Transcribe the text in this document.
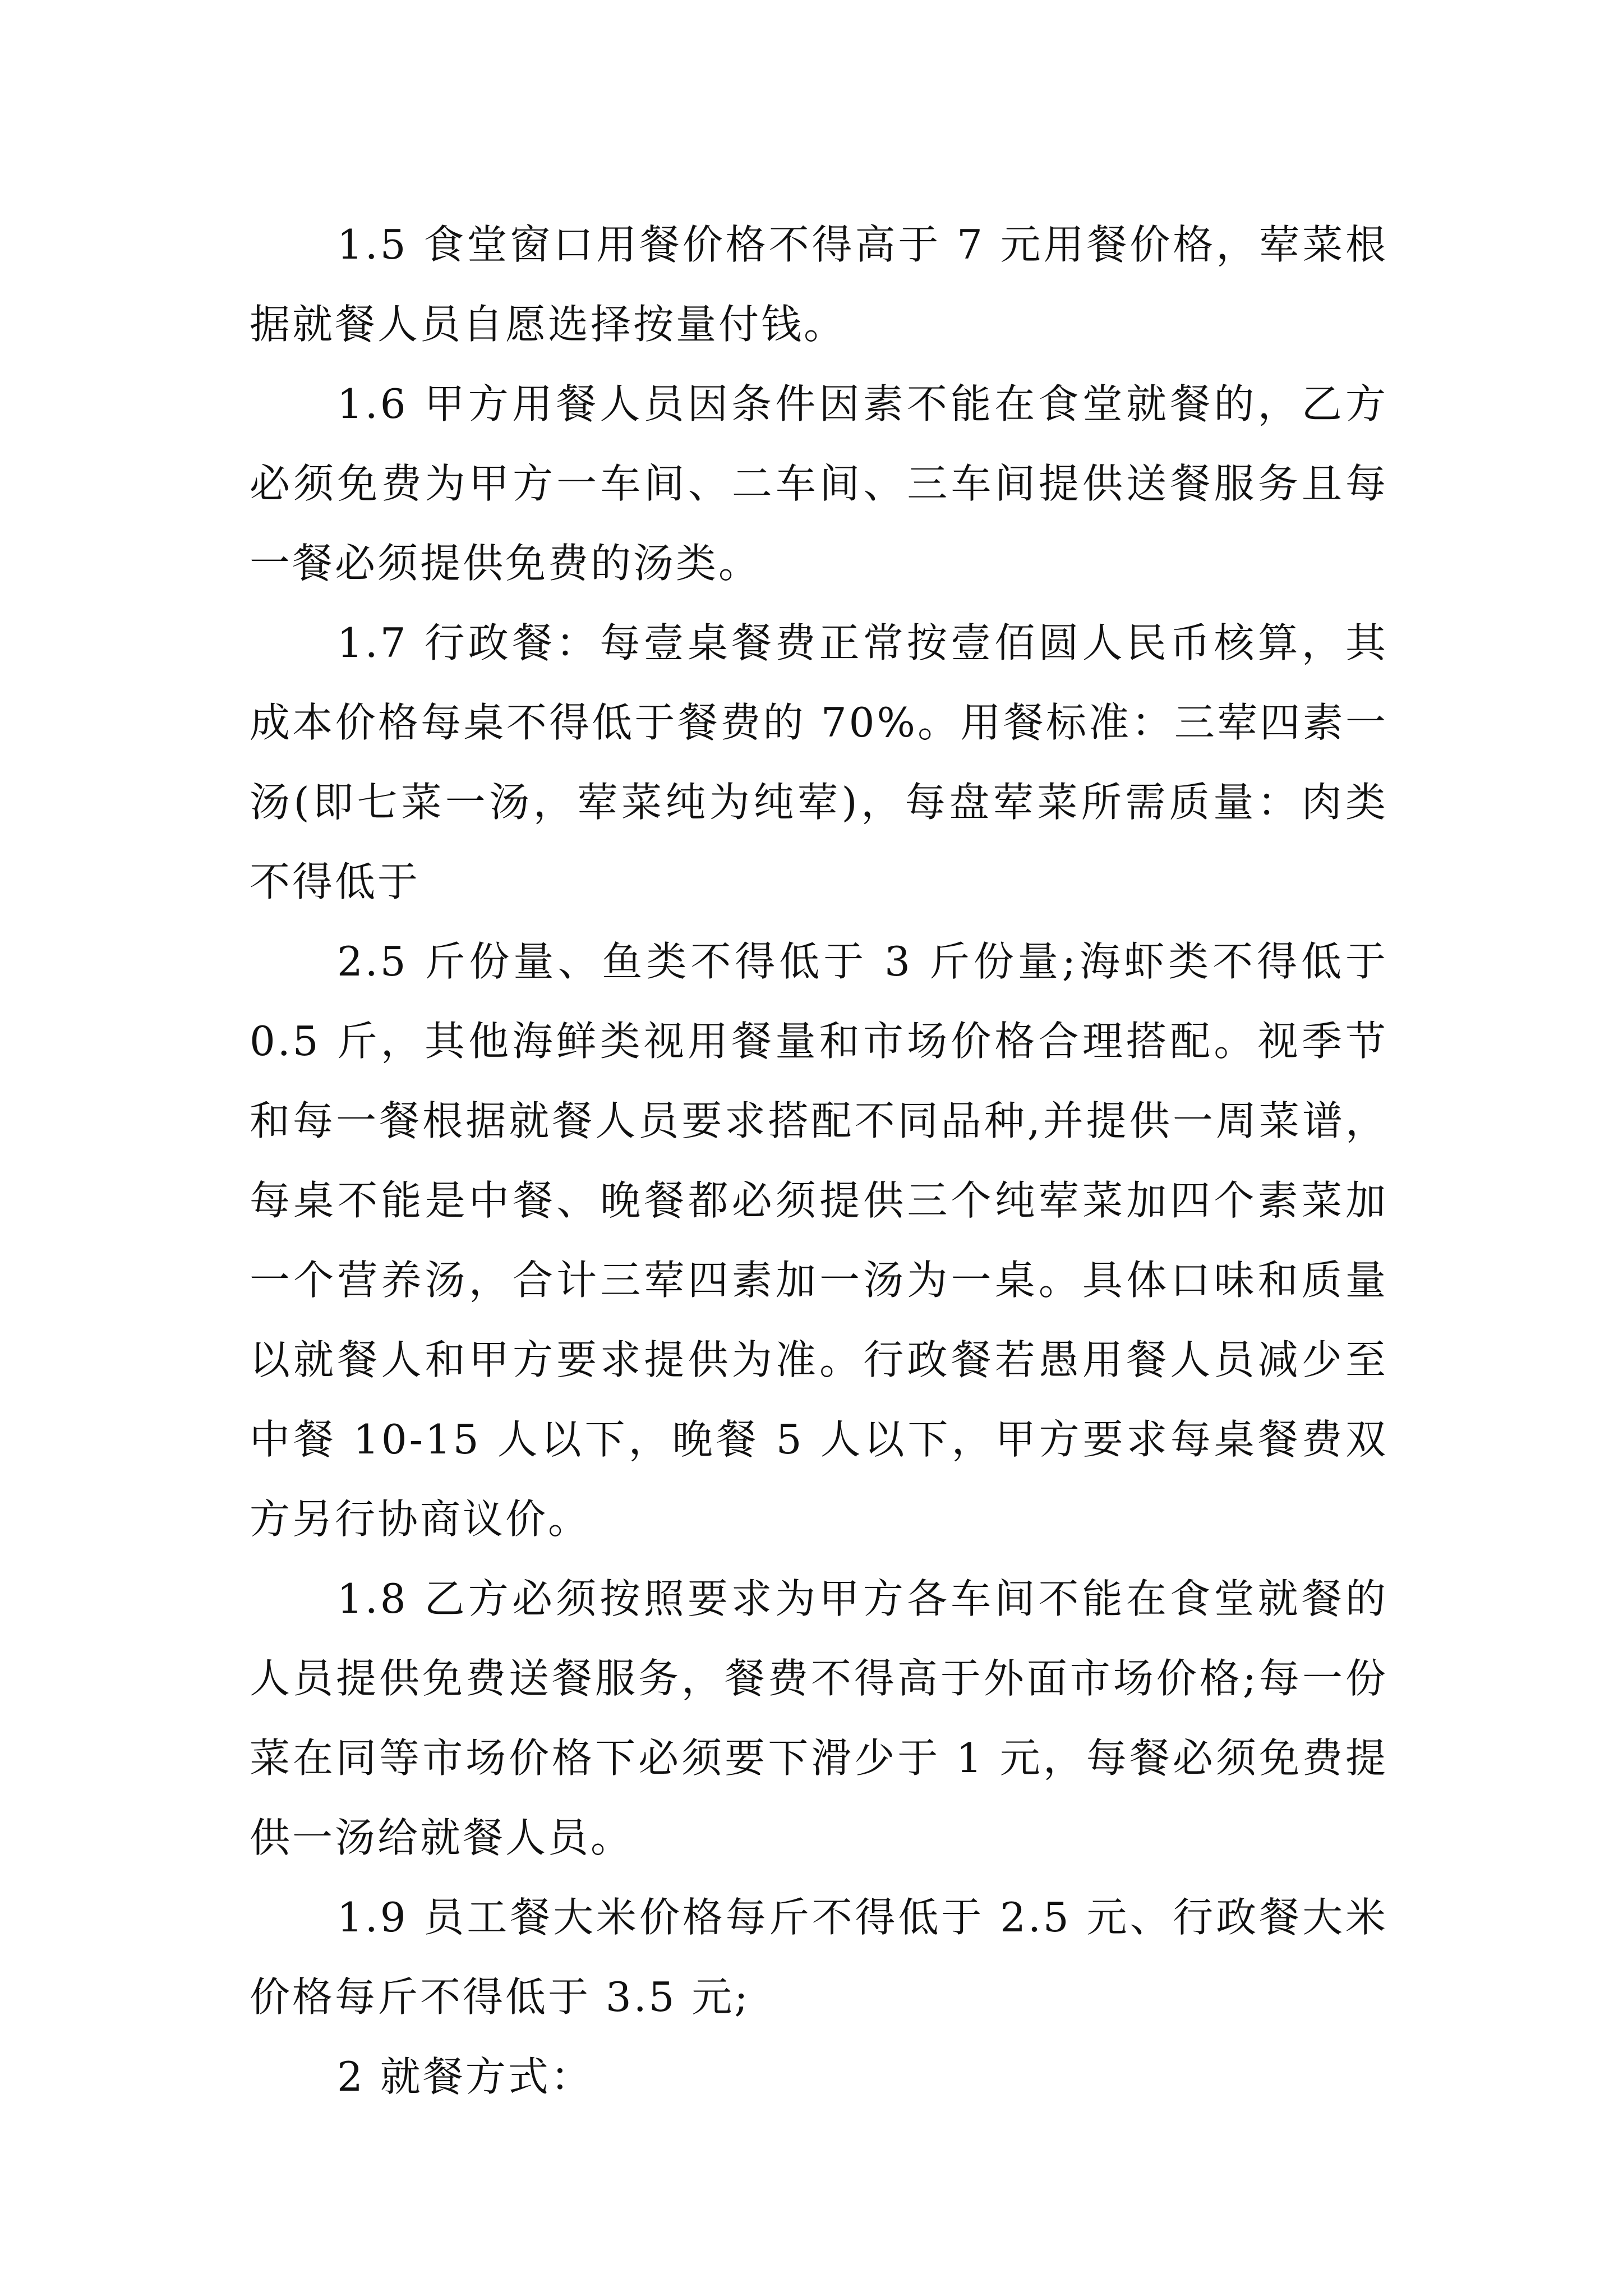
1.5 食堂窗口用餐价格不得高于 7 元用餐价格，荤菜根据就餐人员自愿选择按量付钱。

1.6 甲方用餐人员因条件因素不能在食堂就餐的，乙方必须免费为甲方一车间、二车间、三车间提供送餐服务且每一餐必须提供免费的汤类。

1.7 行政餐：每壹桌餐费正常按壹佰圆人民币核算，其成本价格每桌不得低于餐费的 70%。用餐标准：三荤四素一汤(即七菜一汤，荤菜纯为纯荤)，每盘荤菜所需质量：肉类不得低于

2.5 斤份量、鱼类不得低于 3 斤份量;海虾类不得低于 0.5 斤，其他海鲜类视用餐量和市场价格合理搭配。视季节和每一餐根据就餐人员要求搭配不同品种,并提供一周菜谱，每桌不能是中餐、晚餐都必须提供三个纯荤菜加四个素菜加一个营养汤，合计三荤四素加一汤为一桌。具体口味和质量以就餐人和甲方要求提供为准。行政餐若愚用餐人员减少至中餐 10-15 人以下，晚餐 5 人以下，甲方要求每桌餐费双方另行协商议价。

1.8 乙方必须按照要求为甲方各车间不能在食堂就餐的人员提供免费送餐服务，餐费不得高于外面市场价格;每一份菜在同等市场价格下必须要下滑少于 1 元，每餐必须免费提供一汤给就餐人员。

1.9 员工餐大米价格每斤不得低于 2.5 元、行政餐大米价格每斤不得低于 3.5 元;

2 就餐方式：
